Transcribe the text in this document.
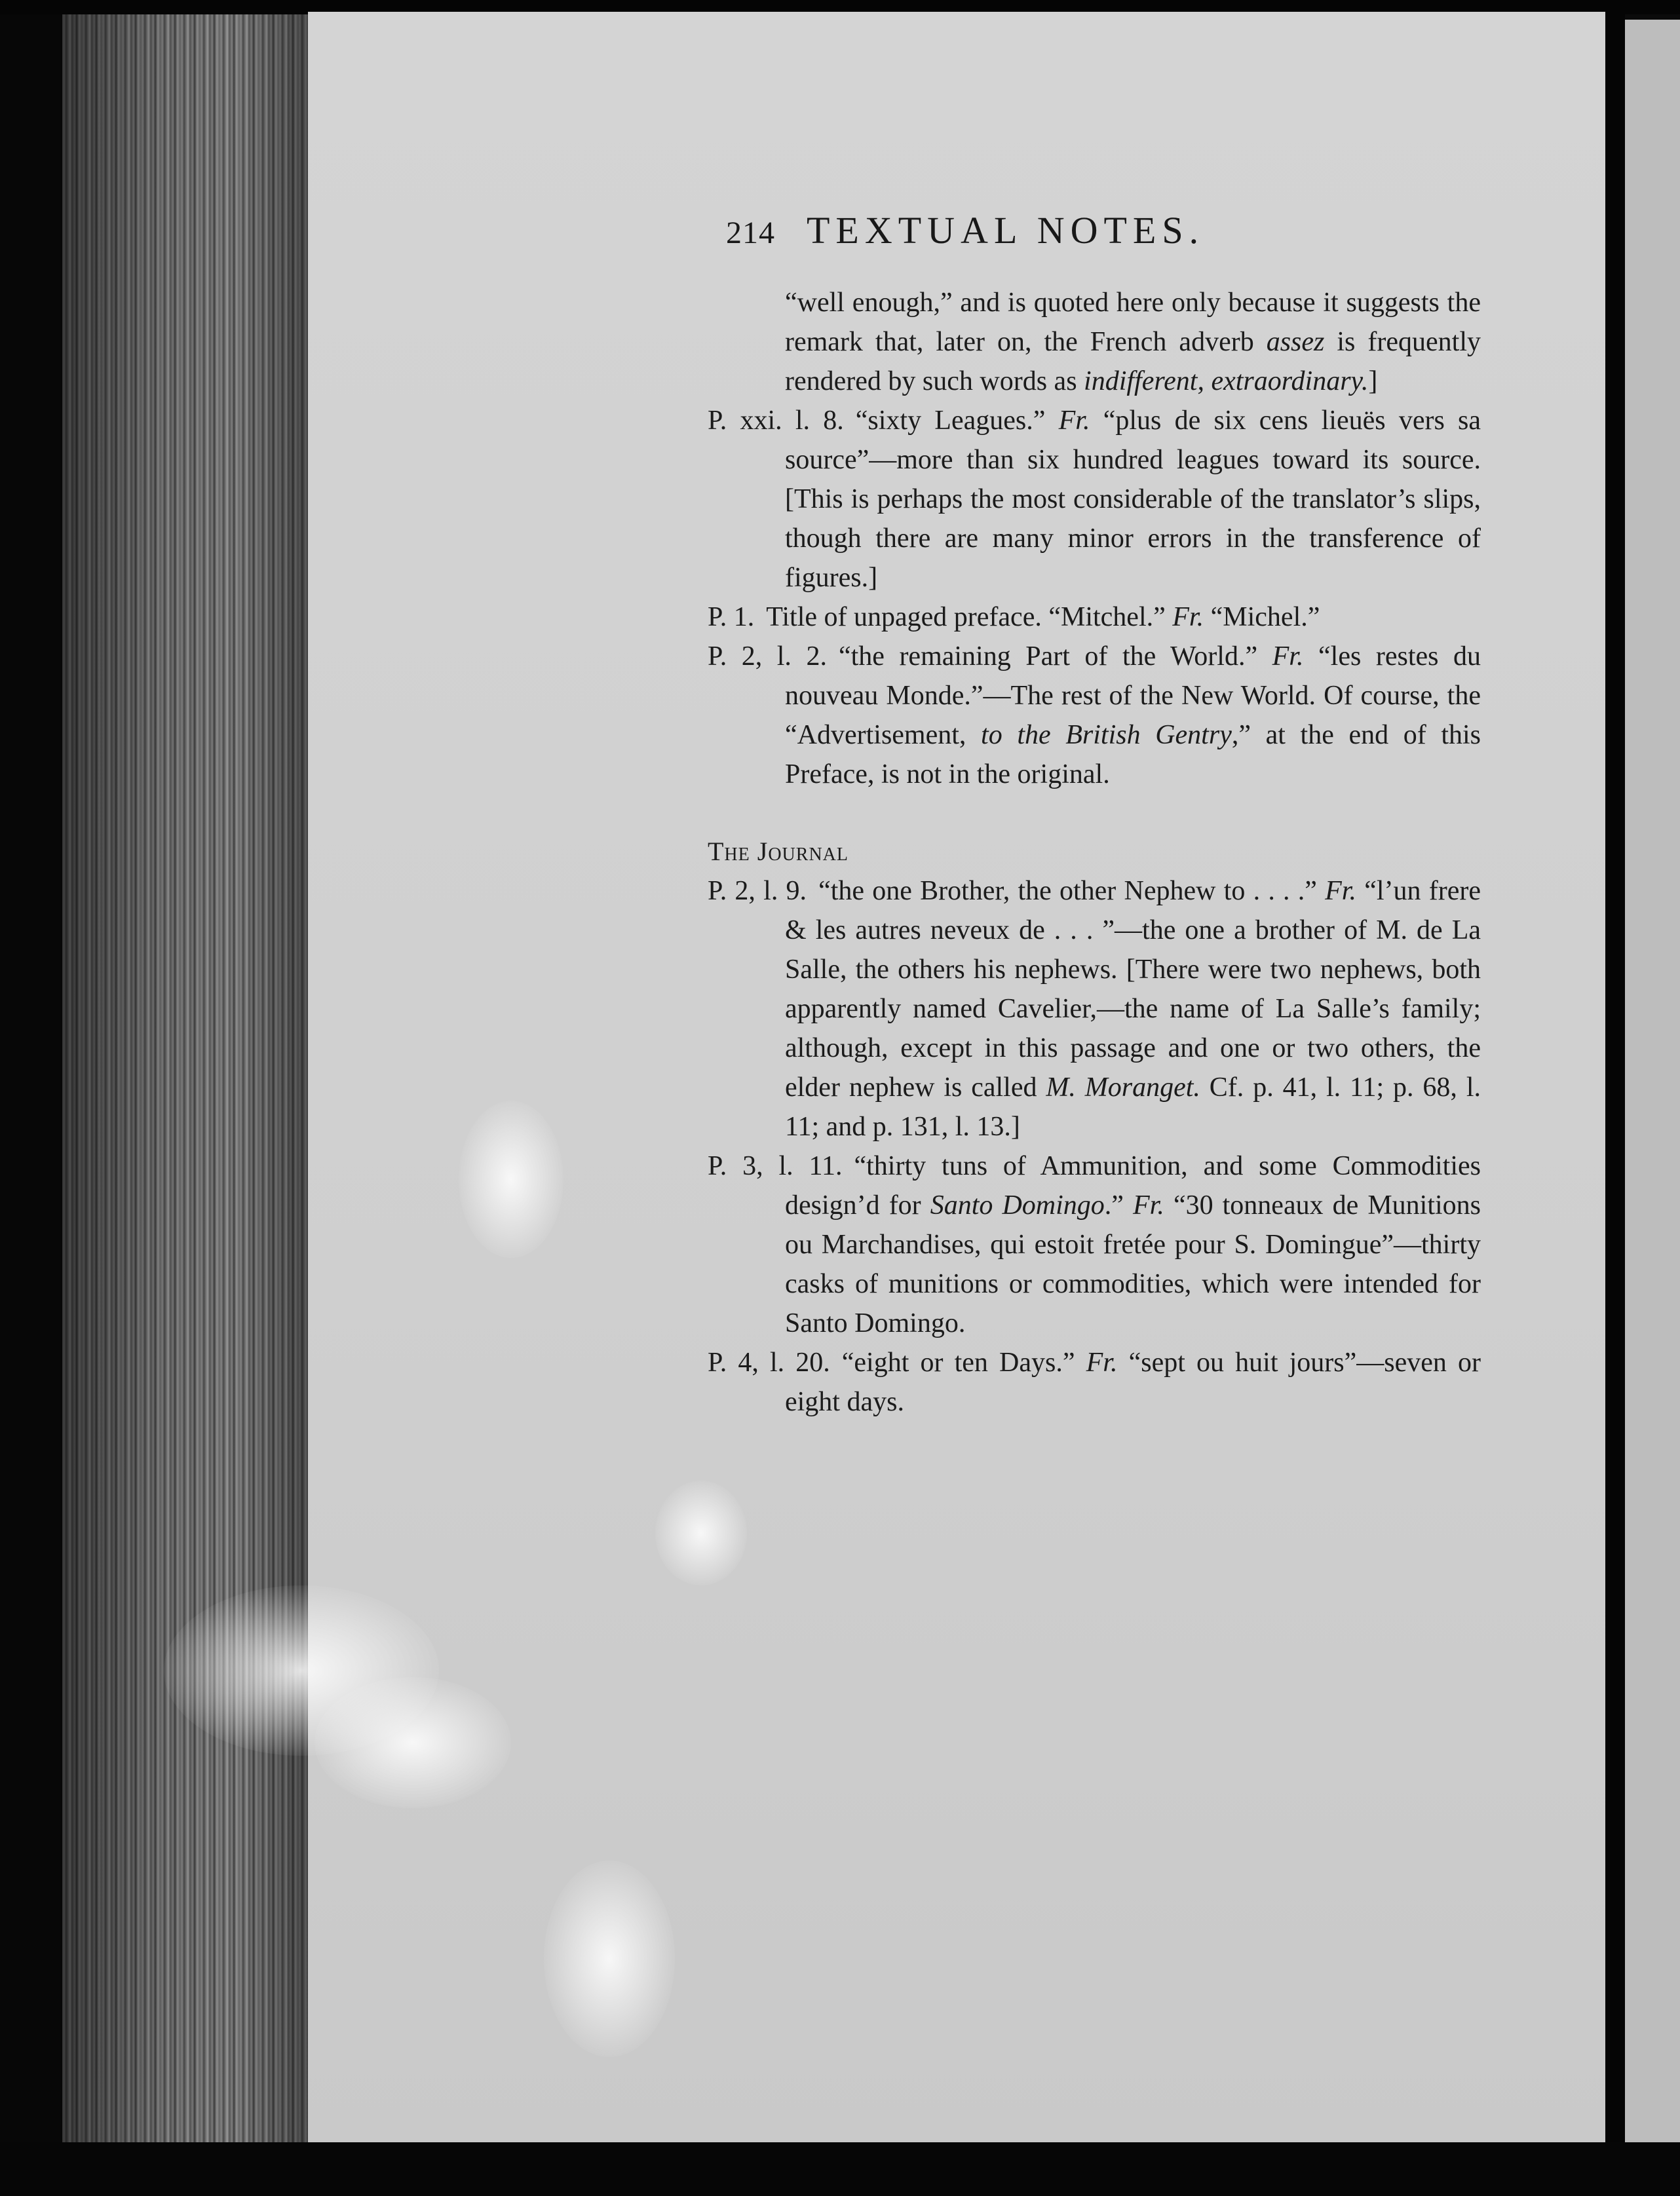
214 TEXTUAL NOTES.

“well enough,” and is quoted here only because it suggests the remark that, later on, the French adverb assez is frequently rendered by such words as indifferent, extraordinary.]

P. xxi. l. 8. “sixty Leagues.” Fr. “plus de six cens lieuës vers sa source”—more than six hundred leagues toward its source. [This is perhaps the most considerable of the translator’s slips, though there are many minor errors in the transference of figures.]

P. 1. Title of unpaged preface. “Mitchel.” Fr. “Michel.”

P. 2, l. 2. “the remaining Part of the World.” Fr. “les restes du nouveau Monde.”—The rest of the New World. Of course, the “Advertisement, to the British Gentry,” at the end of this Preface, is not in the original.

The Journal

P. 2, l. 9. “the one Brother, the other Nephew to . . . .” Fr. “l’un frere & les autres neveux de . . . ”—the one a brother of M. de La Salle, the others his nephews. [There were two nephews, both apparently named Cavelier,—the name of La Salle’s family; although, except in this passage and one or two others, the elder nephew is called M. Moranget. Cf. p. 41, l. 11; p. 68, l. 11; and p. 131, l. 13.]

P. 3, l. 11. “thirty tuns of Ammunition, and some Commodities design’d for Santo Domingo.” Fr. “30 tonneaux de Munitions ou Marchandises, qui estoit fretée pour S. Domingue”—thirty casks of munitions or commodities, which were intended for Santo Domingo.

P. 4, l. 20. “eight or ten Days.” Fr. “sept ou huit jours”—seven or eight days.
